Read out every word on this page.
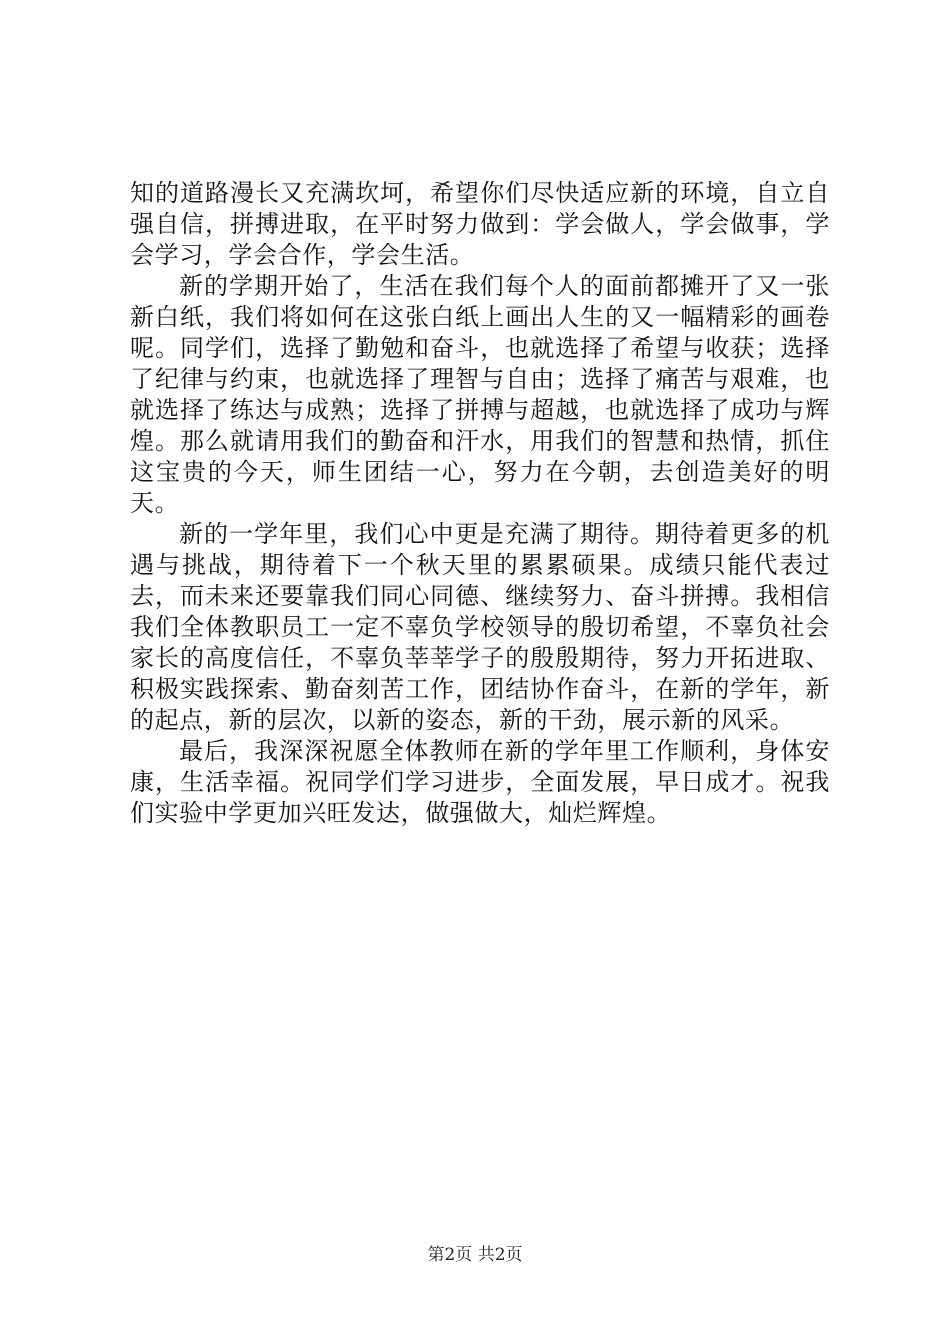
知的道路漫长又充满坎坷，希望你们尽快适应新的环境，自立自强自信，拼搏进取，在平时努力做到：学会做人，学会做事，学会学习，学会合作，学会生活。

新的学期开始了，生活在我们每个人的面前都摊开了又一张新白纸，我们将如何在这张白纸上画出人生的又一幅精彩的画卷呢。同学们，选择了勤勉和奋斗，也就选择了希望与收获；选择了纪律与约束，也就选择了理智与自由；选择了痛苦与艰难，也就选择了练达与成熟；选择了拼搏与超越，也就选择了成功与辉煌。那么就请用我们的勤奋和汗水，用我们的智慧和热情，抓住这宝贵的今天，师生团结一心，努力在今朝，去创造美好的明天。

新的一学年里，我们心中更是充满了期待。期待着更多的机遇与挑战，期待着下一个秋天里的累累硕果。成绩只能代表过去，而未来还要靠我们同心同德、继续努力、奋斗拼搏。我相信我们全体教职员工一定不辜负学校领导的殷切希望，不辜负社会家长的高度信任，不辜负莘莘学子的殷殷期待，努力开拓进取、积极实践探索、勤奋刻苦工作，团结协作奋斗，在新的学年，新的起点，新的层次，以新的姿态，新的干劲，展示新的风采。

最后，我深深祝愿全体教师在新的学年里工作顺利，身体安康，生活幸福。祝同学们学习进步，全面发展，早日成才。祝我们实验中学更加兴旺发达，做强做大，灿烂辉煌。

第2页 共2页
